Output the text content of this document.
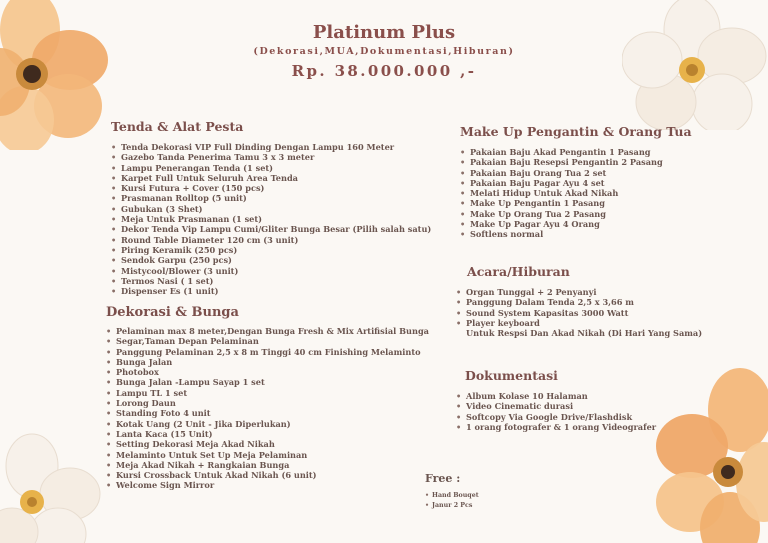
Platinum Plus
(Dekorasi,MUA,Dokumentasi,Hiburan)
Rp. 38.000.000 ,-
Tenda & Alat Pesta
• Tenda Dekorasi VIP Full Dinding Dengan Lampu 160 Meter
• Gazebo Tanda Penerima Tamu 3 x 3 meter
• Lampu Penerangan Tenda (1 set)
• Karpet Full Untuk Seluruh Area Tenda
• Kursi Futura + Cover (150 pcs)
• Prasmanan Rolltop (5 unit)
• Gubukan (3 Shet)
• Meja Untuk Prasmanan (1 set)
• Dekor Tenda Vip Lampu Cumi/Gliter Bunga Besar (Pilih salah satu)
• Round Table Diameter 120 cm (3 unit)
• Piring Keramik (250 pcs)
• Sendok Garpu (250 pcs)
• Mistycool/Blower (3 unit)
• Termos Nasi ( 1 set)
• Dispenser Es (1 unit)
Dekorasi & Bunga
• Pelaminan max 8 meter,Dengan Bunga Fresh & Mix Artifisial Bunga
• Segar,Taman Depan Pelaminan
• Panggung Pelaminan 2,5 x 8 m Tinggi 40 cm Finishing Melaminto
• Bunga Jalan
• Photobox
• Bunga Jalan -Lampu Sayap 1 set
• Lampu TL 1 set
• Lorong Daun
• Standing Foto 4 unit
• Kotak Uang (2 Unit - Jika Diperlukan)
• Lanta Kaca (15 Unit)
• Setting Dekorasi Meja Akad Nikah
• Melaminto Untuk Set Up Meja Pelaminan
• Meja Akad Nikah + Rangkaian Bunga
• Kursi Crossback Untuk Akad Nikah (6 unit)
• Welcome Sign Mirror
Make Up Pengantin & Orang Tua
• Pakaian Baju Akad Pengantin 1 Pasang
• Pakaian Baju Resepsi Pengantin 2 Pasang
• Pakaian Baju Orang Tua 2 set
• Pakaian Baju Pagar Ayu 4 set
• Melati Hidup Untuk Akad Nikah
• Make Up Pengantin 1 Pasang
• Make Up Orang Tua 2 Pasang
• Make Up Pagar Ayu 4 Orang
• Softlens normal
Acara/Hiburan
• Organ Tunggal + 2 Penyanyi
• Panggung Dalam Tenda 2,5 x 3,66 m
• Sound System Kapasitas 3000 Watt
• Player keyboard
Untuk Respsi Dan Akad Nikah (Di Hari Yang Sama)
Dokumentasi
• Album Kolase 10 Halaman
• Video Cinematic durasi
• Softcopy Via Google Drive/Flashdisk
• 1 orang fotografer & 1 orang Videografer
Free :
• Hand Bouqet
• Janur 2 Pcs
